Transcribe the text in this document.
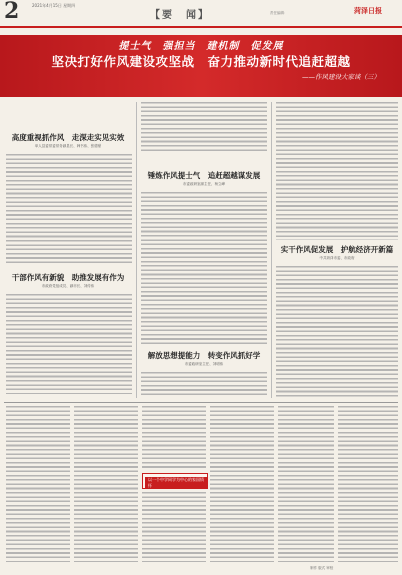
2	2021年4月15日 星期四
【要　闻】	责任编辑：	菏泽日报
提士气　强担当　建机制　促发展
坚决打好作风建设攻坚战　奋力推动新时代追赶超越
——作风建设大家谈（三）
高度重视抓作风　走深走实见实效
单人县委常委常务副县长、韩书伟、张德豪
干部作风有新貌　助推发展有作为
市政府党组成员、副市长、刘传伟
锤炼作风提士气　追赶超越谋发展
市委政研室副主任、杨立峰
解放思想提能力　转变作风抓好学
市委政研室主任、刘明伟
实干作风促发展　护航经济开新篇
中共菏泽市委、市政府
以一个中学同学为中心的家国情怀
制作 版式 审校
